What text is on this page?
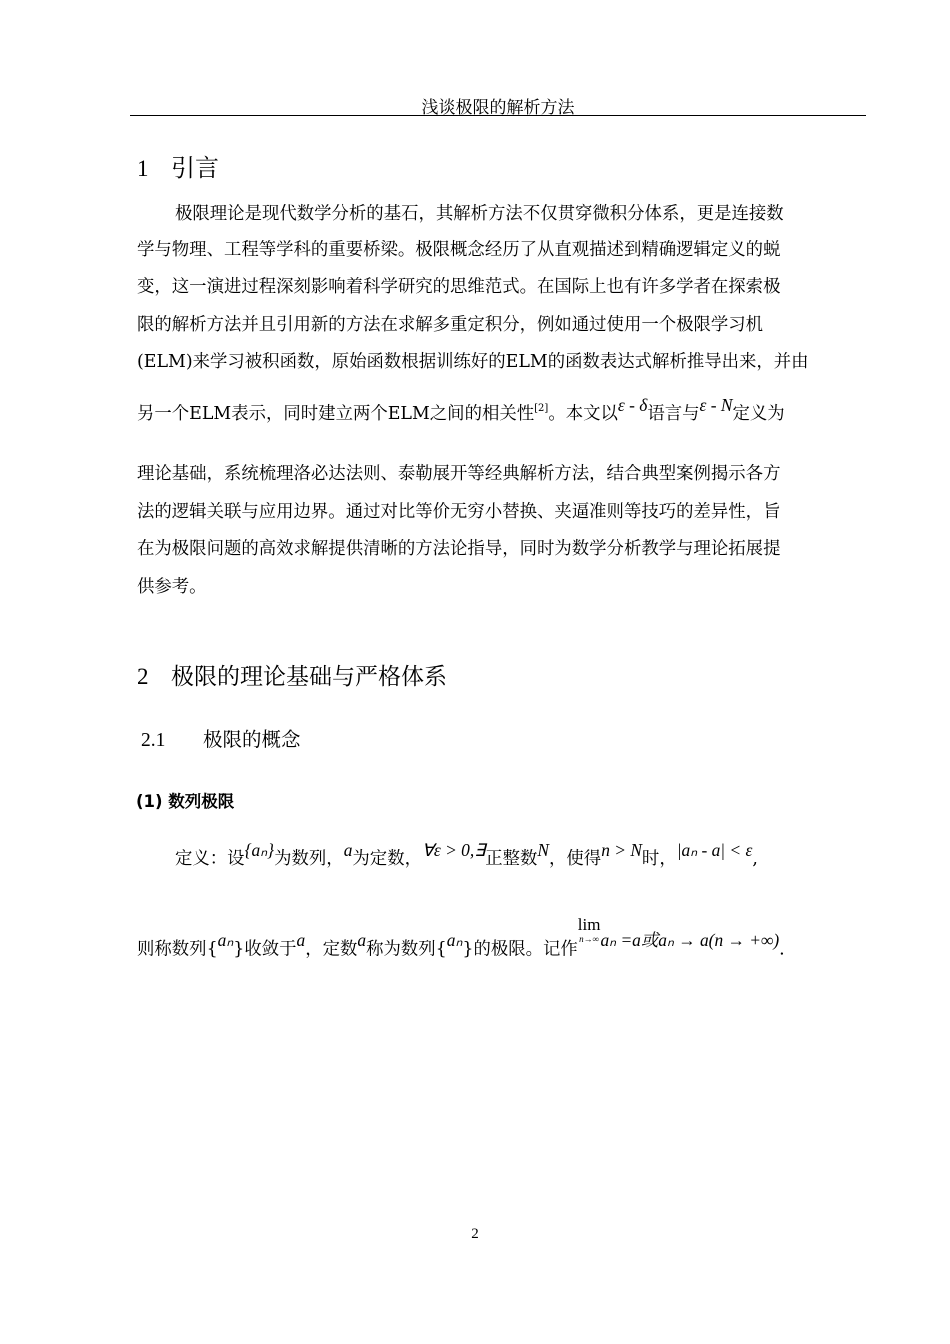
浅谈极限的解析方法
1 引言
极限理论是现代数学分析的基石，其解析方法不仅贯穿微积分体系，更是连接数
学与物理、工程等学科的重要桥梁。极限概念经历了从直观描述到精确逻辑定义的蜕
变，这一演进过程深刻影响着科学研究的思维范式。在国际上也有许多学者在探索极
限的解析方法并且引用新的方法在求解多重定积分，例如通过使用一个极限学习机
(ELM)来学习被积函数，原始函数根据训练好的ELM的函数表达式解析推导出来，并由
另一个ELM表示，同时建立两个ELM之间的相关性[2]。本文以ε - δ语言与ε - N定义为
理论基础，系统梳理洛必达法则、泰勒展开等经典解析方法，结合典型案例揭示各方
法的逻辑关联与应用边界。通过对比等价无穷小替换、夹逼准则等技巧的差异性，旨
在为极限问题的高效求解提供清晰的方法论指导，同时为数学分析教学与理论拓展提
供参考。
2 极限的理论基础与严格体系
2.1 极限的概念
(1) 数列极限
定义：设{aₙ}为数列，a为定数，∀ε > 0,∃正整数N，使得n > N时，|aₙ - a| < ε,
则称数列{aₙ}收敛于a，定数a称为数列{aₙ}的极限。记作lim
n→∞ aₙ =a或aₙ → a(n → +∞).
2
